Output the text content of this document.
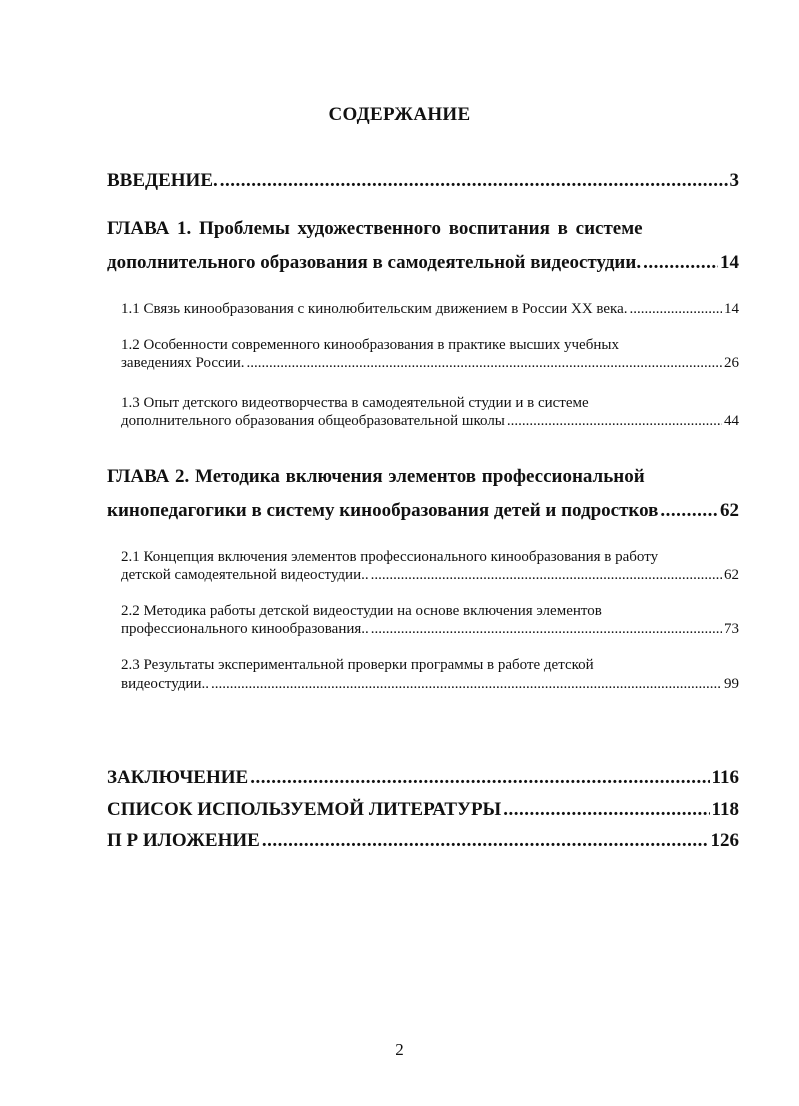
СОДЕРЖАНИЕ
ВВЕДЕНИЕ. .....	3
ГЛАВА 1. Проблемы художественного воспитания в системе
дополнительного образования в самодеятельной видеостудии. .....	14
1.1 Связь кинообразования с кинолюбительским движением в России XX века. .....	14
1.2 Особенности современного кинообразования в практике высших учебных
заведениях России. .....	26
1.3 Опыт детского видеотворчества в самодеятельной студии и в системе
дополнительного образования общеобразовательной школы .....	44
ГЛАВА 2. Методика включения элементов профессиональной
кинопедагогики в систему кинообразования детей и подростков .....	62
2.1 Концепция включения элементов профессионального кинообразования в работу
детской самодеятельной видеостудии.. .....	62
2.2 Методика работы детской видеостудии на основе включения элементов
профессионального кинообразования.. .....	73
2.3 Результаты экспериментальной проверки программы в работе детской
видеостудии.. .....	99
ЗАКЛЮЧЕНИЕ .....	116
СПИСОК ИСПОЛЬЗУЕМОЙ ЛИТЕРАТУРЫ .....	118
П Р ИЛОЖЕНИЕ .....	126
2
